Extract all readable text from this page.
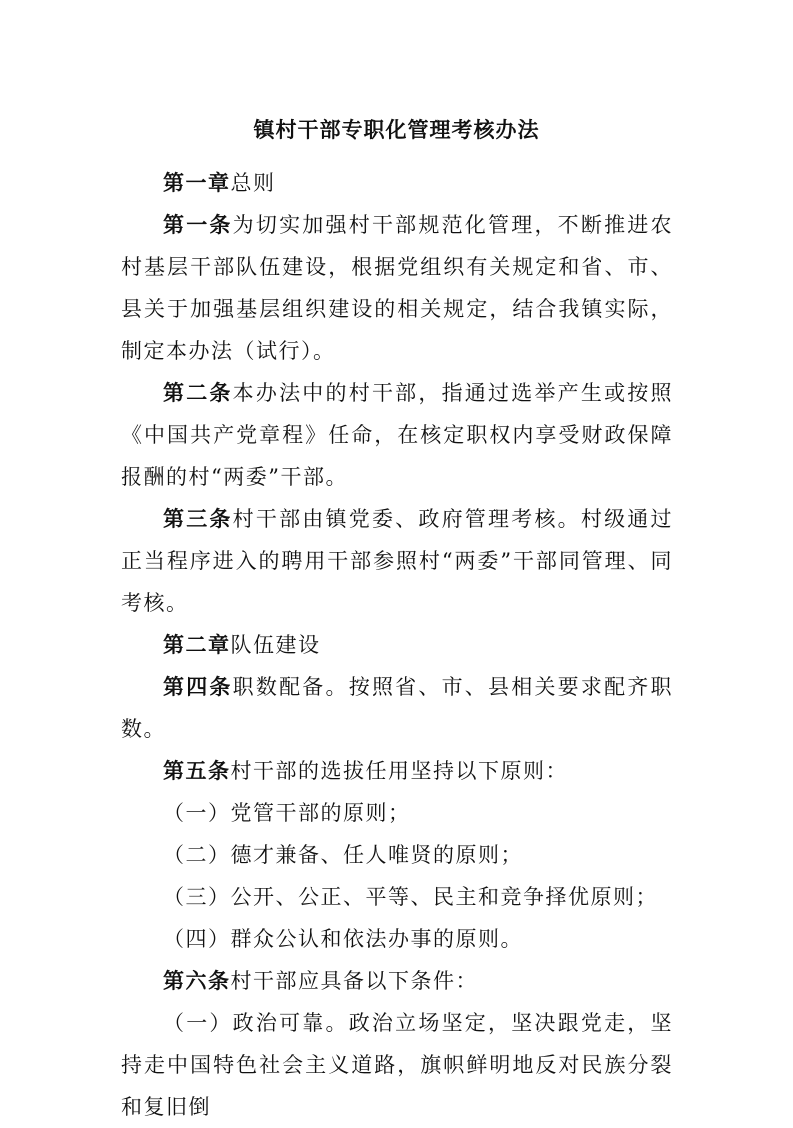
镇村干部专职化管理考核办法

第一章总则

第一条为切实加强村干部规范化管理，不断推进农村基层干部队伍建设，根据党组织有关规定和省、市、县关于加强基层组织建设的相关规定，结合我镇实际，制定本办法（试行）。

第二条本办法中的村干部，指通过选举产生或按照《中国共产党章程》任命，在核定职权内享受财政保障报酬的村“两委”干部。

第三条村干部由镇党委、政府管理考核。村级通过正当程序进入的聘用干部参照村“两委”干部同管理、同考核。

第二章队伍建设

第四条职数配备。按照省、市、县相关要求配齐职数。

第五条村干部的选拔任用坚持以下原则：

（一）党管干部的原则；

（二）德才兼备、任人唯贤的原则；

（三）公开、公正、平等、民主和竞争择优原则；

（四）群众公认和依法办事的原则。

第六条村干部应具备以下条件：

（一）政治可靠。政治立场坚定，坚决跟党走，坚持走中国特色社会主义道路，旗帜鲜明地反对民族分裂和复旧倒
